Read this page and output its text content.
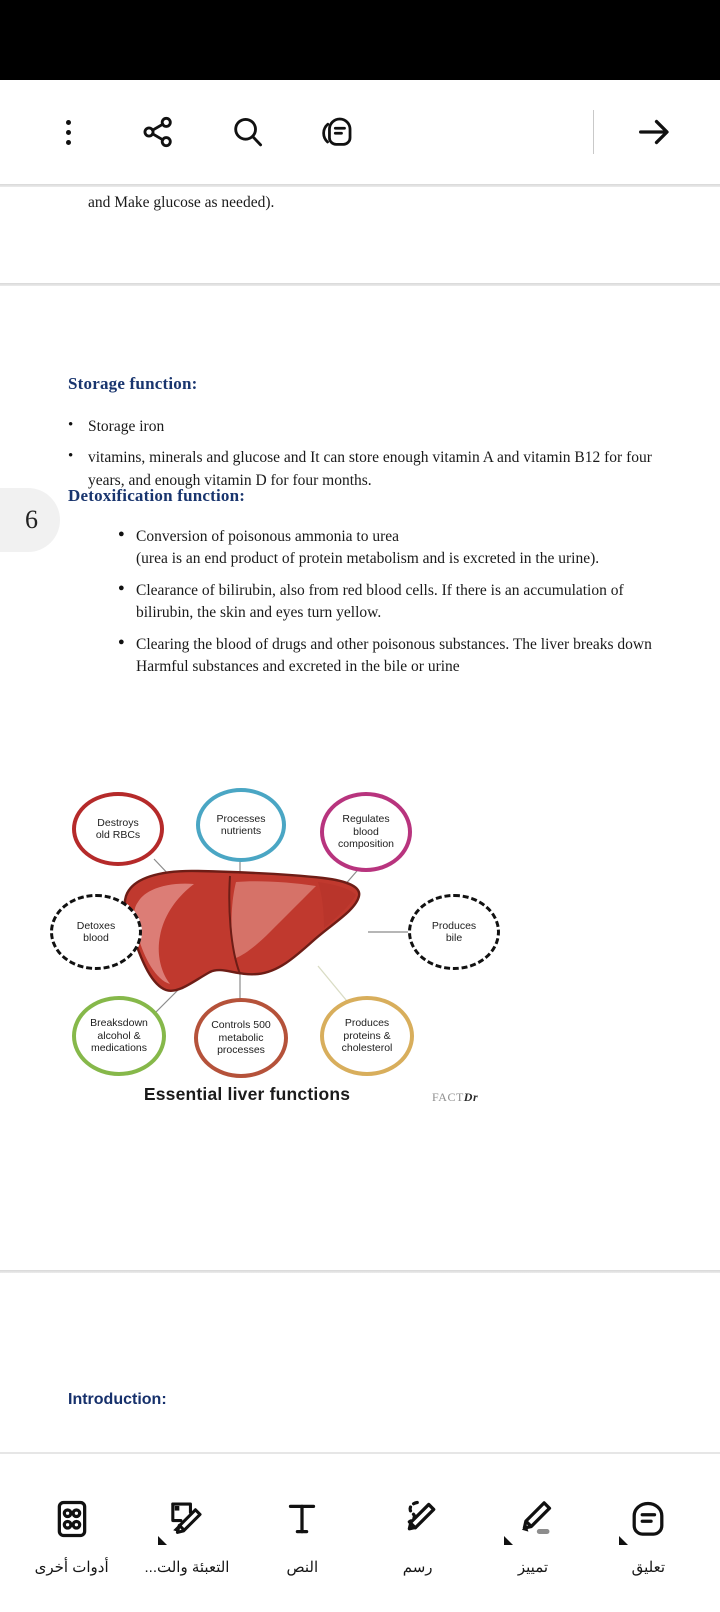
and Make glucose as needed).
Storage function:
• Storage iron
• vitamins, minerals and glucose and It can store enough vitamin A and vitamin B12 for four years, and enough vitamin D for four months.
Detoxification function:
● Conversion of poisonous ammonia to urea
(urea is an end product of protein metabolism and is excreted in the urine).
● Clearance of bilirubin, also from red blood cells. If there is an accumulation of bilirubin, the skin and eyes turn yellow.
● Clearing the blood of drugs and other poisonous substances. The liver breaks down Harmful substances and excreted in the bile or urine
Destroys
old RBCs
Processes
nutrients
Regulates
blood
composition
Detoxes
blood
Produces
bile
Breaksdown
alcohol &
medications
Controls 500
metabolic
processes
Produces
proteins &
cholesterol
Essential liver functions	FACTDr
Introduction:
6
تعليق
تمييز
رسم
النص
التعبئة والت...
أدوات أخرى
